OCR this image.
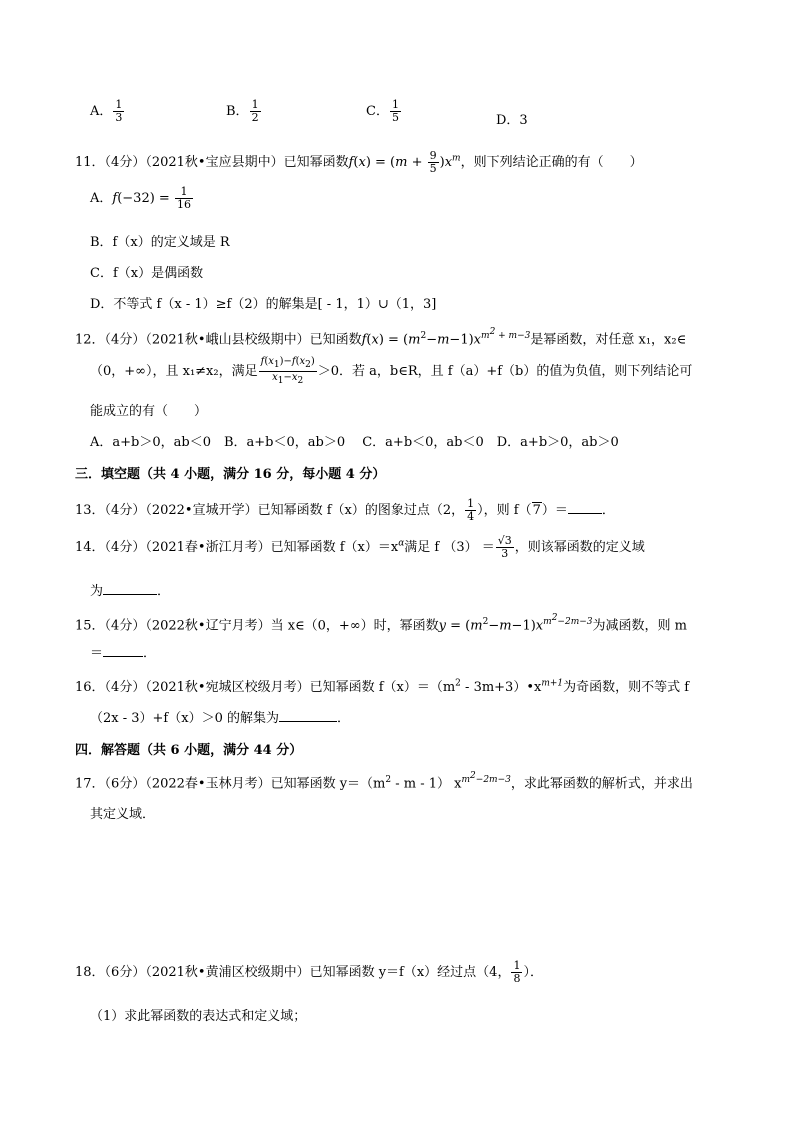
A． $\frac{1}{3}$	B． $\frac{1}{2}$	C． $\frac{1}{5}$	D．3
11．（4分）（2021秋•宝应县期中）已知幂函数$f(x) = (m + \frac{9}{5} )x^m$，则下列结论正确的有（　　）
A．$f(-32) = \frac{1}{16}$
B．f（x）的定义域是 R
C．f（x）是偶函数
D．不等式 f（x - 1）≥f（2）的解集是[ - 1，1）∪（1，3]
12．（4分）（2021秋•峨山县校级期中）已知函数$f(x) = (m^2-m-1)x^{m^2 + m-3}$是幂函数，对任意 x₁，x₂∈
（0，+∞），且 x₁≠x₂，满足 $\frac{f(x_1)-f(x_2)}{x_1-x_2} >0$．若 a，b∈R，且 f（a）+f（b）的值为负值，则下列结论可
能成立的有（　　）
A．a+b＞0，ab＜0　B．a+b＜0，ab＞0　 C．a+b＜0，ab＜0　D．a+b＞0，ab＞0
三．填空题（共 4 小题，满分 16 分，每小题 4 分）
13．（4分）（2022•宣城开学）已知幂函数 f（x）的图象过点（2， $\frac{1}{4}$ ），则 f（7）＝	．
14．（4分）（2021春•浙江月考）已知幂函数 $f(x)=x^\alpha$满足 f $(3) = \frac{√3}{3}$ ，则该幂函数的定义域
为	．
15．（4分）（2022秋•辽宁月考）当 x∈（0，+∞）时，幂函数$y = (m^2-m-1)x^{m^2-2m-3}$为减函数，则 m
＝	．
16．（4分）（2021秋•宛城区校级月考）已知幂函数 $f(x)=(m^2$ - $3m+3)•x^{m+1}$为奇函数，则不等式 f
（2x - 3）+f（x）＞0 的解集为	．
四．解答题（共 6 小题，满分 44 分）
17．（6分）（2022春•玉林月考）已知幂函数 $y=(m^2 - m - 1)$ $x^{m^2-2m-3}$，求此幂函数的解析式，并求出
其定义域．
18．（6分）（2021秋•黄浦区校级期中）已知幂函数 y＝f（x）经过点（4， $\frac{1}{8}$ ）．
（1）求此幂函数的表达式和定义域；
